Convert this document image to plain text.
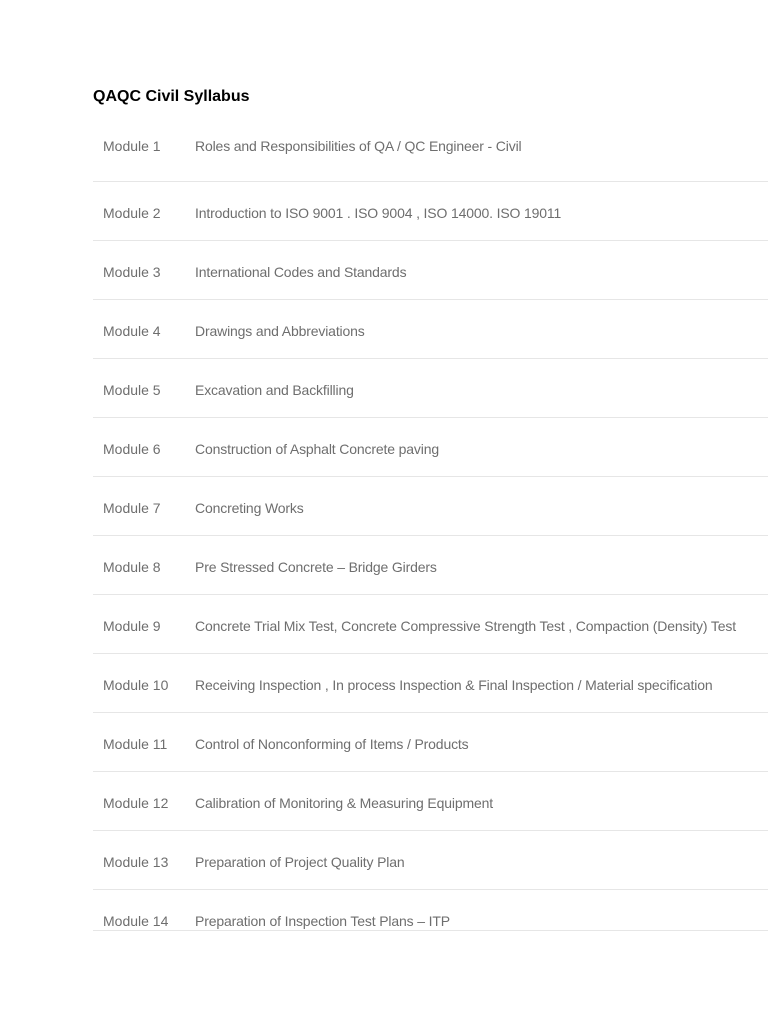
QAQC Civil Syllabus
Module 1	Roles and Responsibilities of QA / QC Engineer - Civil

Module 2	Introduction to ISO 9001 . ISO 9004 , ISO 14000. ISO 19011

Module 3	International Codes and Standards

Module 4	Drawings and Abbreviations

Module 5	Excavation and Backfilling

Module 6	Construction of Asphalt Concrete paving

Module 7	Concreting Works

Module 8	Pre Stressed Concrete – Bridge Girders

Module 9	Concrete Trial Mix Test, Concrete Compressive Strength Test , Compaction (Density) Test

Module 10	Receiving Inspection , In process Inspection & Final Inspection / Material specification

Module 11	Control of Nonconforming of Items / Products

Module 12	Calibration of Monitoring & Measuring Equipment

Module 13	Preparation of Project Quality Plan

Module 14	Preparation of Inspection Test Plans – ITP
